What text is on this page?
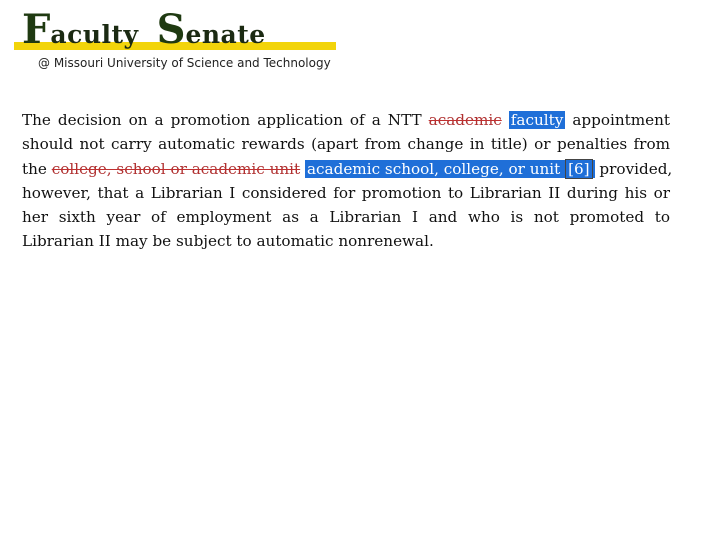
Faculty Senate
@ Missouri University of Science and Technology
The decision on a promotion application of a NTT academic faculty appointment
should not carry automatic rewards (apart from change in title) or penalties from
the college, school or academic unit academic school, college, or unit [6] provided,
however, that a Librarian I considered for promotion to Librarian II during his or
her sixth year of employment as a Librarian I and who is not promoted to
Librarian II may be subject to automatic nonrenewal.
